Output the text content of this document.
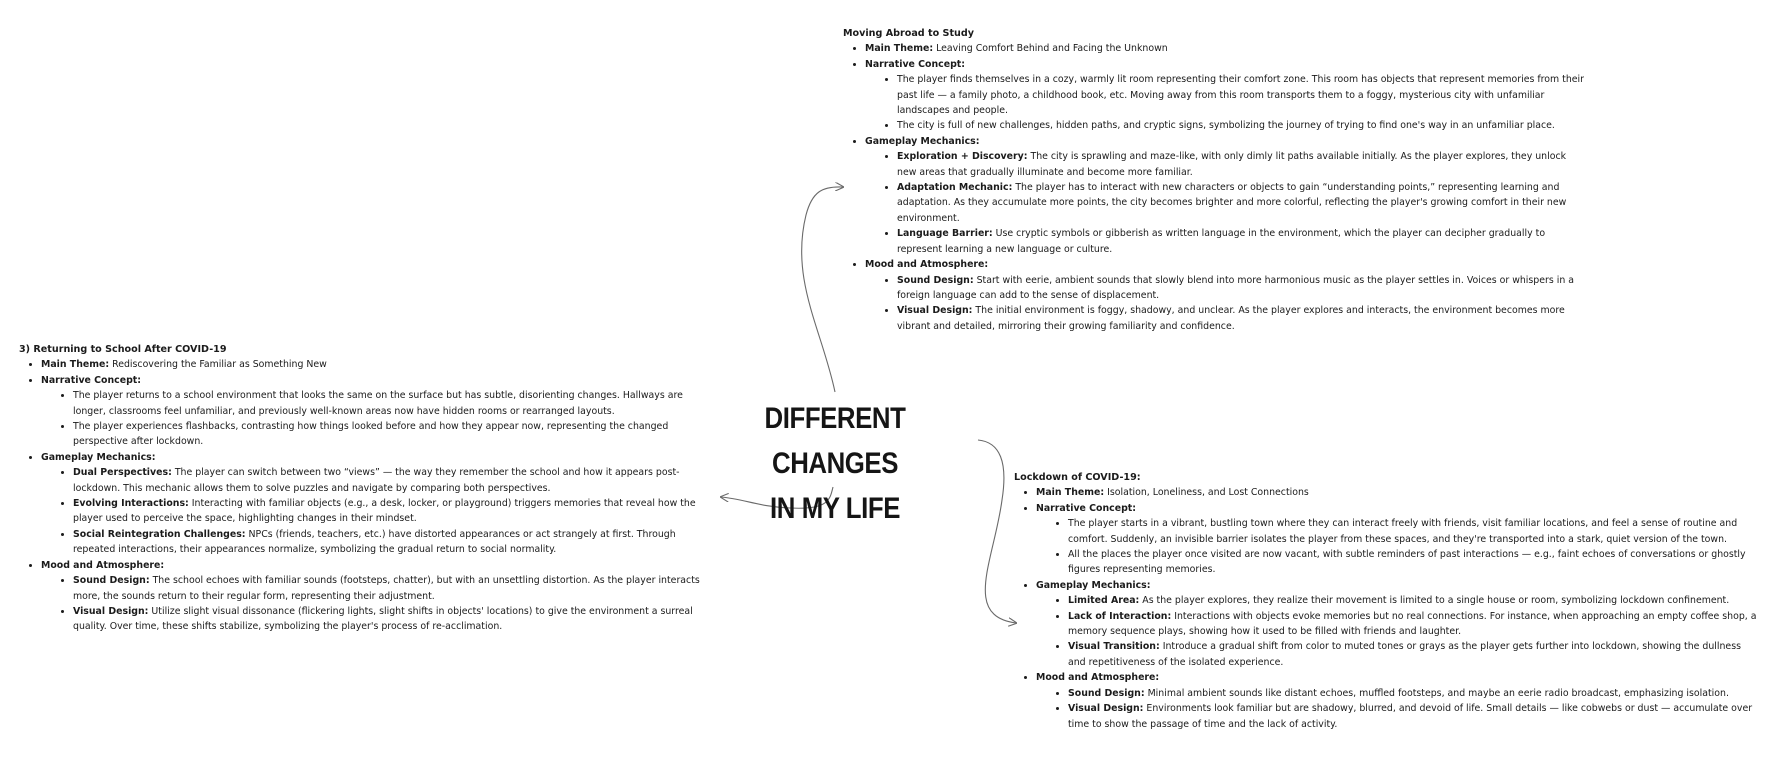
DIFFERENT CHANGES
IN MY LIFE
Moving Abroad to Study
• Main Theme: Leaving Comfort Behind and Facing the Unknown
• Narrative Concept:
• The player finds themselves in a cozy, warmly lit room representing their comfort zone. This room has objects that represent memories from their past life — a family photo, a childhood book, etc. Moving away from this room transports them to a foggy, mysterious city with unfamiliar landscapes and people.
• The city is full of new challenges, hidden paths, and cryptic signs, symbolizing the journey of trying to find one's way in an unfamiliar place.
• Gameplay Mechanics:
• Exploration + Discovery: The city is sprawling and maze-like, with only dimly lit paths available initially. As the player explores, they unlock new areas that gradually illuminate and become more familiar.
• Adaptation Mechanic: The player has to interact with new characters or objects to gain “understanding points,” representing learning and adaptation. As they accumulate more points, the city becomes brighter and more colorful, reflecting the player's growing comfort in their new environment.
• Language Barrier: Use cryptic symbols or gibberish as written language in the environment, which the player can decipher gradually to represent learning a new language or culture.
• Mood and Atmosphere:
• Sound Design: Start with eerie, ambient sounds that slowly blend into more harmonious music as the player settles in. Voices or whispers in a foreign language can add to the sense of displacement.
• Visual Design: The initial environment is foggy, shadowy, and unclear. As the player explores and interacts, the environment becomes more vibrant and detailed, mirroring their growing familiarity and confidence.
3) Returning to School After COVID-19
• Main Theme: Rediscovering the Familiar as Something New
• Narrative Concept:
• The player returns to a school environment that looks the same on the surface but has subtle, disorienting changes. Hallways are longer, classrooms feel unfamiliar, and previously well-known areas now have hidden rooms or rearranged layouts.
• The player experiences flashbacks, contrasting how things looked before and how they appear now, representing the changed perspective after lockdown.
• Gameplay Mechanics:
• Dual Perspectives: The player can switch between two “views” — the way they remember the school and how it appears post-lockdown. This mechanic allows them to solve puzzles and navigate by comparing both perspectives.
• Evolving Interactions: Interacting with familiar objects (e.g., a desk, locker, or playground) triggers memories that reveal how the player used to perceive the space, highlighting changes in their mindset.
• Social Reintegration Challenges: NPCs (friends, teachers, etc.) have distorted appearances or act strangely at first. Through repeated interactions, their appearances normalize, symbolizing the gradual return to social normality.
• Mood and Atmosphere:
• Sound Design: The school echoes with familiar sounds (footsteps, chatter), but with an unsettling distortion. As the player interacts more, the sounds return to their regular form, representing their adjustment.
• Visual Design: Utilize slight visual dissonance (flickering lights, slight shifts in objects' locations) to give the environment a surreal quality. Over time, these shifts stabilize, symbolizing the player's process of re-acclimation.
Lockdown of COVID-19:
• Main Theme: Isolation, Loneliness, and Lost Connections
• Narrative Concept:
• The player starts in a vibrant, bustling town where they can interact freely with friends, visit familiar locations, and feel a sense of routine and comfort. Suddenly, an invisible barrier isolates the player from these spaces, and they're transported into a stark, quiet version of the town.
• All the places the player once visited are now vacant, with subtle reminders of past interactions — e.g., faint echoes of conversations or ghostly figures representing memories.
• Gameplay Mechanics:
• Limited Area: As the player explores, they realize their movement is limited to a single house or room, symbolizing lockdown confinement.
• Lack of Interaction: Interactions with objects evoke memories but no real connections. For instance, when approaching an empty coffee shop, a memory sequence plays, showing how it used to be filled with friends and laughter.
• Visual Transition: Introduce a gradual shift from color to muted tones or grays as the player gets further into lockdown, showing the dullness and repetitiveness of the isolated experience.
• Mood and Atmosphere:
• Sound Design: Minimal ambient sounds like distant echoes, muffled footsteps, and maybe an eerie radio broadcast, emphasizing isolation.
• Visual Design: Environments look familiar but are shadowy, blurred, and devoid of life. Small details — like cobwebs or dust — accumulate over time to show the passage of time and the lack of activity.
